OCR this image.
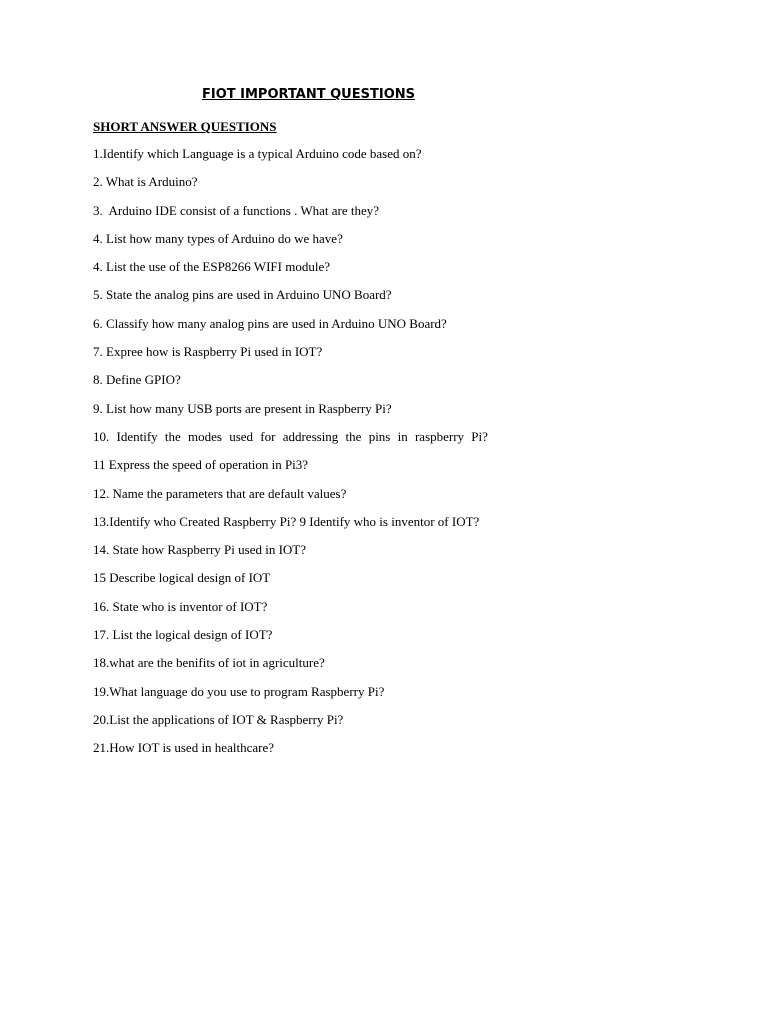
FIOT IMPORTANT QUESTIONS
SHORT ANSWER QUESTIONS
1.Identify which Language is a typical Arduino code based on?
2. What is Arduino?
3.  Arduino IDE consist of a functions . What are they?
4. List how many types of Arduino do we have?
4. List the use of the ESP8266 WIFI module?
5. State the analog pins are used in Arduino UNO Board?
6. Classify how many analog pins are used in Arduino UNO Board?
7. Expree how is Raspberry Pi used in IOT?
8. Define GPIO?
9. List how many USB ports are present in Raspberry Pi?
10. Identify the modes used for addressing the pins in raspberry Pi?
11 Express the speed of operation in Pi3?
12. Name the parameters that are default values?
13.Identify who Created Raspberry Pi? 9 Identify who is inventor of IOT?
14. State how Raspberry Pi used in IOT?
15 Describe logical design of IOT
16. State who is inventor of IOT?
17. List the logical design of IOT?
18.what are the benifits of iot in agriculture?
19.What language do you use to program Raspberry Pi?
20.List the applications of IOT & Raspberry Pi?
21.How IOT is used in healthcare?
